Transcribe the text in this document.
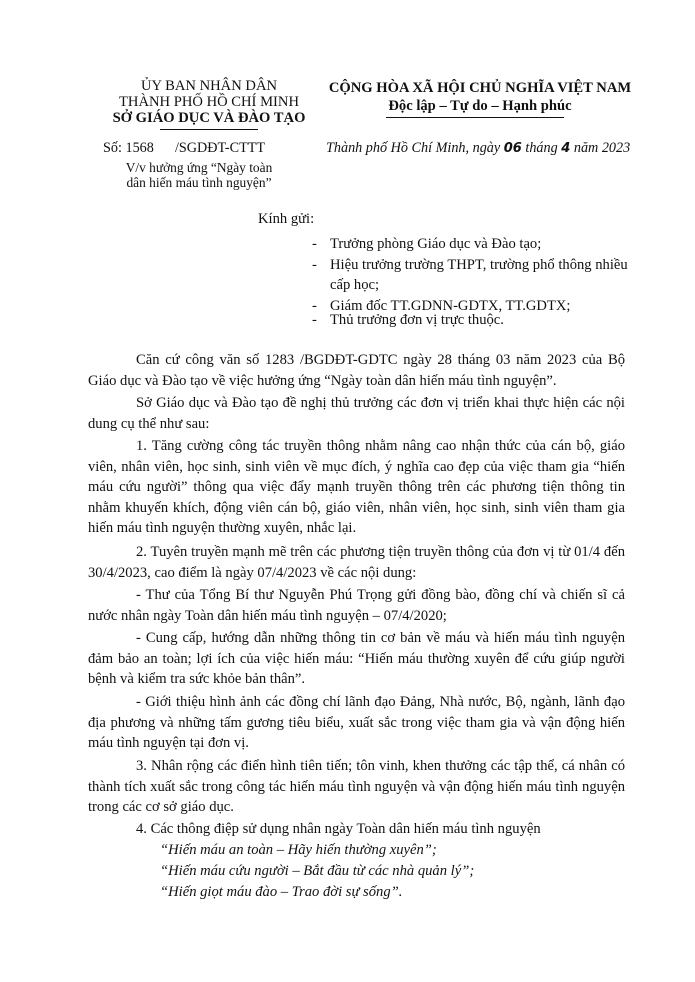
ỦY BAN NHÂN DÂN
THÀNH PHỐ HỒ CHÍ MINH
SỞ GIÁO DỤC VÀ ĐÀO TẠO
CỘNG HÒA XÃ HỘI CHỦ NGHĨA VIỆT NAM
Độc lập – Tự do – Hạnh phúc
Số: 1568 /SGDĐT-CTTT
V/v hưởng ứng “Ngày toàn
dân hiến máu tình nguyện”
Thành phố Hồ Chí Minh, ngày 06 tháng 4 năm 2023
Kính gửi:
- Trưởng phòng Giáo dục và Đào tạo;
- Hiệu trưởng trường THPT, trường phổ thông nhiều cấp học;
- Giám đốc TT.GDNN-GDTX, TT.GDTX;
- Thủ trưởng đơn vị trực thuộc.

Căn cứ công văn số 1283 /BGDĐT-GDTC ngày 28 tháng 03 năm 2023 của Bộ Giáo dục và Đào tạo về việc hưởng ứng “Ngày toàn dân hiến máu tình nguyện”.

Sở Giáo dục và Đào tạo đề nghị thủ trưởng các đơn vị triển khai thực hiện các nội dung cụ thể như sau:

1. Tăng cường công tác truyền thông nhằm nâng cao nhận thức của cán bộ, giáo viên, nhân viên, học sinh, sinh viên về mục đích, ý nghĩa cao đẹp của việc tham gia “hiến máu cứu người” thông qua việc đẩy mạnh truyền thông trên các phương tiện thông tin nhằm khuyến khích, động viên cán bộ, giáo viên, nhân viên, học sinh, sinh viên tham gia hiến máu tình nguyện thường xuyên, nhắc lại.

2. Tuyên truyền mạnh mẽ trên các phương tiện truyền thông của đơn vị từ 01/4 đến 30/4/2023, cao điểm là ngày 07/4/2023 về các nội dung:

- Thư của Tổng Bí thư Nguyễn Phú Trọng gửi đồng bào, đồng chí và chiến sĩ cả nước nhân ngày Toàn dân hiến máu tình nguyện – 07/4/2020;

- Cung cấp, hướng dẫn những thông tin cơ bản về máu và hiến máu tình nguyện đảm bảo an toàn; lợi ích của việc hiến máu: “Hiến máu thường xuyên để cứu giúp người bệnh và kiểm tra sức khỏe bản thân”.

- Giới thiệu hình ảnh các đồng chí lãnh đạo Đảng, Nhà nước, Bộ, ngành, lãnh đạo địa phương và những tấm gương tiêu biểu, xuất sắc trong việc tham gia và vận động hiến máu tình nguyện tại đơn vị.

3. Nhân rộng các điển hình tiên tiến; tôn vinh, khen thưởng các tập thể, cá nhân có thành tích xuất sắc trong công tác hiến máu tình nguyện và vận động hiến máu tình nguyện trong các cơ sở giáo dục.

4. Các thông điệp sử dụng nhân ngày Toàn dân hiến máu tình nguyện

“Hiến máu an toàn – Hãy hiến thường xuyên”;
“Hiến máu cứu người – Bắt đầu từ các nhà quản lý”;
“Hiến giọt máu đào – Trao đời sự sống”.
